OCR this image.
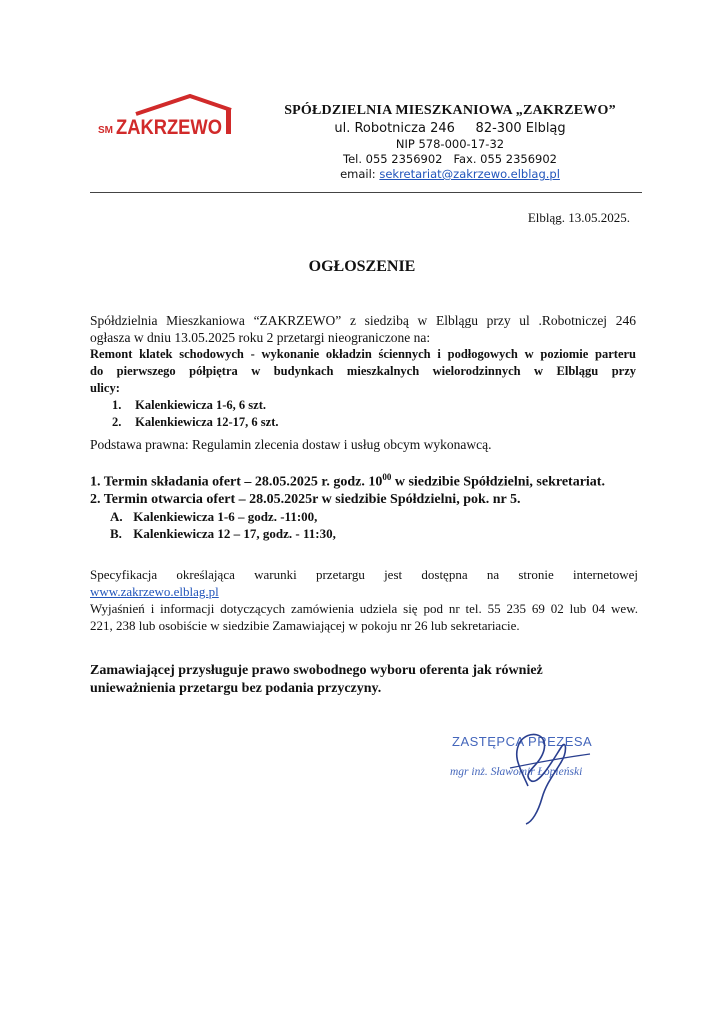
SM ZAKRZEWO
SPÓŁDZIELNIA MIESZKANIOWA „ZAKRZEWO”
ul. Robotnicza 246     82-300 Elbląg
NIP 578-000-17-32
Tel. 055 2356902   Fax. 055 2356902
email: sekretariat@zakrzewo.elblag.pl
Elbląg. 13.05.2025.
OGŁOSZENIE
Spółdzielnia Mieszkaniowa “ZAKRZEWO” z siedzibą w Elblągu przy ul .Robotniczej 246
ogłasza w dniu 13.05.2025 roku 2 przetargi nieograniczone na:
Remont klatek schodowych - wykonanie okładzin ściennych i podłogowych w poziomie parteru
do pierwszego półpiętra w budynkach mieszkalnych wielorodzinnych w Elblągu przy
ulicy:
1. Kalenkiewicza 1-6, 6 szt.
2. Kalenkiewicza 12-17, 6 szt.
Podstawa prawna: Regulamin zlecenia dostaw i usług obcym wykonawcą.
1. Termin składania ofert – 28.05.2025 r. godz. $10^{00}$ w siedzibie Spółdzielni, sekretariat.
2. Termin otwarcia ofert – 28.05.2025r w siedzibie Spółdzielni, pok. nr 5.
A. Kalenkiewicza 1-6 – godz. -11:00,
B. Kalenkiewicza 12 – 17, godz. - 11:30,
Specyfikacja określająca warunki przetargu jest dostępna na stronie internetowej
www.zakrzewo.elblag.pl
Wyjaśnień i informacji dotyczących zamówienia udziela się pod nr tel. 55 235 69 02 lub 04 wew.
221, 238 lub osobiście w siedzibie Zamawiającej w pokoju nr 26 lub sekretariacie.
Zamawiającej przysługuje prawo swobodnego wyboru oferenta jak również
unieważnienia przetargu bez podania przyczyny.
ZASTĘPCA PREZESA
mgr inż. Sławomir Łopieński
